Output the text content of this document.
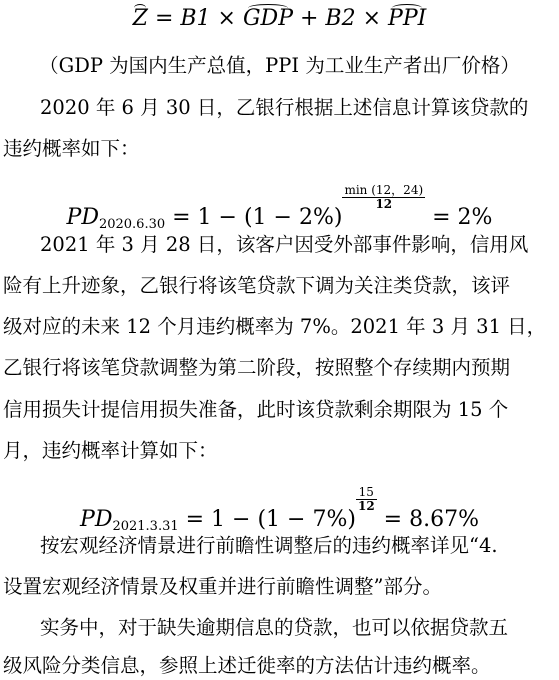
Z = B1 × GDP + B2 × PPI
（GDP 为国内生产总值，PPI 为工业生产者出厂价格）
2020 年 6 月 30 日，乙银行根据上述信息计算该贷款的
违约概率如下：
$PD_{2020.6.30} = 1 - (1 - 2\%)$
$\frac{\min (12,24)}{12}$
= 2%
2021 年 3 月 28 日，该客户因受外部事件影响，信用风
险有上升迹象，乙银行将该笔贷款下调为关注类贷款，该评
级对应的未来 12 个月违约概率为 7%。2021 年 3 月 31 日，
乙银行将该笔贷款调整为第二阶段，按照整个存续期内预期
信用损失计提信用损失准备，此时该贷款剩余期限为 15 个
月，违约概率计算如下：
$PD_{2021.3.31} = 1 - (1 - 7\%)$
$\frac{15}{12}$
= 8.67%
按宏观经济情景进行前瞻性调整后的违约概率详见“4.
设置宏观经济情景及权重并进行前瞻性调整”部分。
实务中，对于缺失逾期信息的贷款，也可以依据贷款五
级风险分类信息，参照上述迁徙率的方法估计违约概率。
